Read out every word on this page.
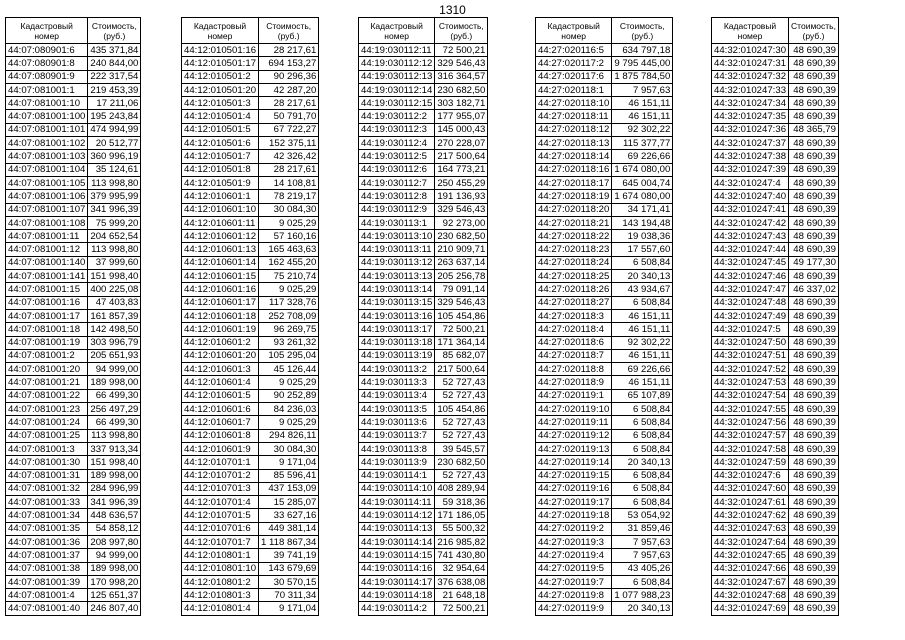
1310
Кадастровый номер	Стоимость, (руб.)
44:07:080901:6	435 371,84
44:07:080901:8	240 844,00
44:07:080901:9	222 317,54
44:07:081001:1	219 453,39
44:07:081001:10	17 211,06
44:07:081001:100	195 243,84
44:07:081001:101	474 994,99
44:07:081001:102	20 512,77
44:07:081001:103	360 996,19
44:07:081001:104	35 124,61
44:07:081001:105	113 998,80
44:07:081001:106	379 995,99
44:07:081001:107	341 996,39
44:07:081001:108	75 999,20
44:07:081001:11	204 652,54
44:07:081001:12	113 998,80
44:07:081001:140	37 999,60
44:07:081001:141	151 998,40
44:07:081001:15	400 225,08
44:07:081001:16	47 403,83
44:07:081001:17	161 857,39
44:07:081001:18	142 498,50
44:07:081001:19	303 996,79
44:07:081001:2	205 651,93
44:07:081001:20	94 999,00
44:07:081001:21	189 998,00
44:07:081001:22	66 499,30
44:07:081001:23	256 497,29
44:07:081001:24	66 499,30
44:07:081001:25	113 998,80
44:07:081001:3	337 913,34
44:07:081001:30	151 998,40
44:07:081001:31	189 998,00
44:07:081001:32	284 996,99
44:07:081001:33	341 996,39
44:07:081001:34	448 636,57
44:07:081001:35	54 858,12
44:07:081001:36	208 997,80
44:07:081001:37	94 999,00
44:07:081001:38	189 998,00
44:07:081001:39	170 998,20
44:07:081001:4	125 651,37
44:07:081001:40	246 807,40
Кадастровый номер	Стоимость, (руб.)
44:12:010501:16	28 217,61
44:12:010501:17	694 153,27
44:12:010501:2	90 296,36
44:12:010501:20	42 287,20
44:12:010501:3	28 217,61
44:12:010501:4	50 791,70
44:12:010501:5	67 722,27
44:12:010501:6	152 375,11
44:12:010501:7	42 326,42
44:12:010501:8	28 217,61
44:12:010501:9	14 108,81
44:12:010601:1	78 219,17
44:12:010601:10	30 084,30
44:12:010601:11	9 025,29
44:12:010601:12	57 160,16
44:12:010601:13	165 463,63
44:12:010601:14	162 455,20
44:12:010601:15	75 210,74
44:12:010601:16	9 025,29
44:12:010601:17	117 328,76
44:12:010601:18	252 708,09
44:12:010601:19	96 269,75
44:12:010601:2	93 261,32
44:12:010601:20	105 295,04
44:12:010601:3	45 126,44
44:12:010601:4	9 025,29
44:12:010601:5	90 252,89
44:12:010601:6	84 236,03
44:12:010601:7	9 025,29
44:12:010601:8	294 826,11
44:12:010601:9	30 084,30
44:12:010701:1	9 171,04
44:12:010701:2	85 596,41
44:12:010701:3	437 153,09
44:12:010701:4	15 285,07
44:12:010701:5	33 627,16
44:12:010701:6	449 381,14
44:12:010701:7	1 118 867,34
44:12:010801:1	39 741,19
44:12:010801:10	143 679,69
44:12:010801:2	30 570,15
44:12:010801:3	70 311,34
44:12:010801:4	9 171,04
Кадастровый номер	Стоимость, (руб.)
44:19:030112:11	72 500,21
44:19:030112:12	329 546,43
44:19:030112:13	316 364,57
44:19:030112:14	230 682,50
44:19:030112:15	303 182,71
44:19:030112:2	177 955,07
44:19:030112:3	145 000,43
44:19:030112:4	270 228,07
44:19:030112:5	217 500,64
44:19:030112:6	164 773,21
44:19:030112:7	250 455,29
44:19:030112:8	191 136,93
44:19:030112:9	329 546,43
44:19:030113:1	92 273,00
44:19:030113:10	230 682,50
44:19:030113:11	210 909,71
44:19:030113:12	263 637,14
44:19:030113:13	205 256,78
44:19:030113:14	79 091,14
44:19:030113:15	329 546,43
44:19:030113:16	105 454,86
44:19:030113:17	72 500,21
44:19:030113:18	171 364,14
44:19:030113:19	85 682,07
44:19:030113:2	217 500,64
44:19:030113:3	52 727,43
44:19:030113:4	52 727,43
44:19:030113:5	105 454,86
44:19:030113:6	52 727,43
44:19:030113:7	52 727,43
44:19:030113:8	39 545,57
44:19:030113:9	230 682,50
44:19:030114:1	52 727,43
44:19:030114:10	408 289,94
44:19:030114:11	59 318,36
44:19:030114:12	171 186,05
44:19:030114:13	55 500,32
44:19:030114:14	216 985,82
44:19:030114:15	741 430,80
44:19:030114:16	32 954,64
44:19:030114:17	376 638,08
44:19:030114:18	21 648,18
44:19:030114:2	72 500,21
Кадастровый номер	Стоимость, (руб.)
44:27:020116:5	634 797,18
44:27:020117:2	9 795 445,00
44:27:020117:6	1 875 784,50
44:27:020118:1	7 957,63
44:27:020118:10	46 151,11
44:27:020118:11	46 151,11
44:27:020118:12	92 302,22
44:27:020118:13	115 377,77
44:27:020118:14	69 226,66
44:27:020118:16	1 674 080,00
44:27:020118:17	645 004,74
44:27:020118:19	1 674 080,00
44:27:020118:20	34 171,41
44:27:020118:21	143 194,48
44:27:020118:22	19 038,36
44:27:020118:23	17 557,60
44:27:020118:24	6 508,84
44:27:020118:25	20 340,13
44:27:020118:26	43 934,67
44:27:020118:27	6 508,84
44:27:020118:3	46 151,11
44:27:020118:4	46 151,11
44:27:020118:6	92 302,22
44:27:020118:7	46 151,11
44:27:020118:8	69 226,66
44:27:020118:9	46 151,11
44:27:020119:1	65 107,89
44:27:020119:10	6 508,84
44:27:020119:11	6 508,84
44:27:020119:12	6 508,84
44:27:020119:13	6 508,84
44:27:020119:14	20 340,13
44:27:020119:15	6 508,84
44:27:020119:16	6 508,84
44:27:020119:17	6 508,84
44:27:020119:18	53 054,92
44:27:020119:2	31 859,46
44:27:020119:3	7 957,63
44:27:020119:4	7 957,63
44:27:020119:5	43 405,26
44:27:020119:7	6 508,84
44:27:020119:8	1 077 988,23
44:27:020119:9	20 340,13
Кадастровый номер	Стоимость, (руб.)
44:32:010247:30	48 690,39
44:32:010247:31	48 690,39
44:32:010247:32	48 690,39
44:32:010247:33	48 690,39
44:32:010247:34	48 690,39
44:32:010247:35	48 690,39
44:32:010247:36	48 365,79
44:32:010247:37	48 690,39
44:32:010247:38	48 690,39
44:32:010247:39	48 690,39
44:32:010247:4	48 690,39
44:32:010247:40	48 690,39
44:32:010247:41	48 690,39
44:32:010247:42	48 690,39
44:32:010247:43	48 690,39
44:32:010247:44	48 690,39
44:32:010247:45	49 177,30
44:32:010247:46	48 690,39
44:32:010247:47	46 337,02
44:32:010247:48	48 690,39
44:32:010247:49	48 690,39
44:32:010247:5	48 690,39
44:32:010247:50	48 690,39
44:32:010247:51	48 690,39
44:32:010247:52	48 690,39
44:32:010247:53	48 690,39
44:32:010247:54	48 690,39
44:32:010247:55	48 690,39
44:32:010247:56	48 690,39
44:32:010247:57	48 690,39
44:32:010247:58	48 690,39
44:32:010247:59	48 690,39
44:32:010247:6	48 690,39
44:32:010247:60	48 690,39
44:32:010247:61	48 690,39
44:32:010247:62	48 690,39
44:32:010247:63	48 690,39
44:32:010247:64	48 690,39
44:32:010247:65	48 690,39
44:32:010247:66	48 690,39
44:32:010247:67	48 690,39
44:32:010247:68	48 690,39
44:32:010247:69	48 690,39
